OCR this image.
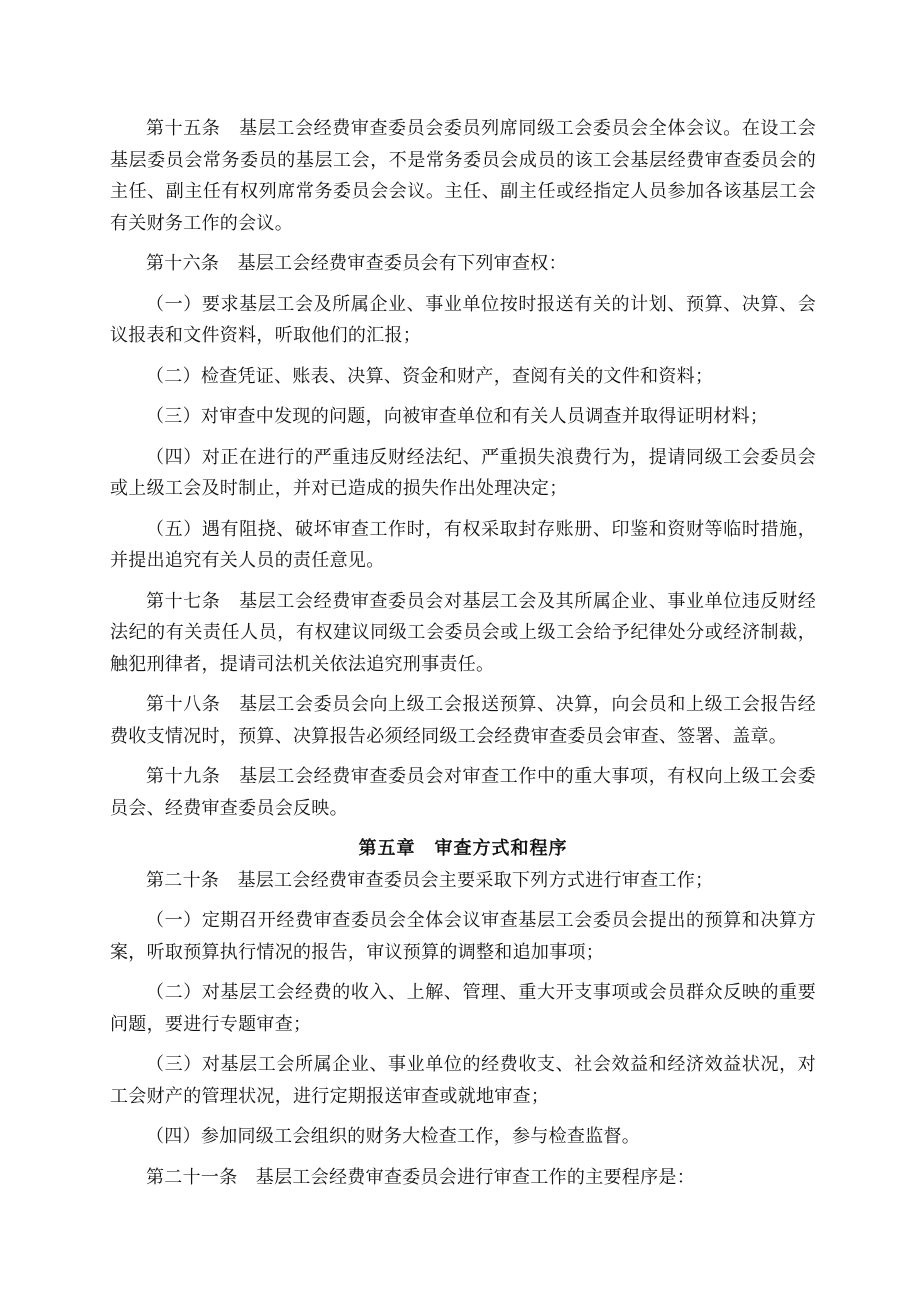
第十五条　基层工会经费审查委员会委员列席同级工会委员会全体会议。在设工会基层委员会常务委员的基层工会，不是常务委员会成员的该工会基层经费审查委员会的主任、副主任有权列席常务委员会会议。主任、副主任或经指定人员参加各该基层工会有关财务工作的会议。

第十六条　基层工会经费审查委员会有下列审查权：

（一）要求基层工会及所属企业、事业单位按时报送有关的计划、预算、决算、会议报表和文件资料，听取他们的汇报；

（二）检查凭证、账表、决算、资金和财产，查阅有关的文件和资料；

（三）对审查中发现的问题，向被审查单位和有关人员调查并取得证明材料；

（四）对正在进行的严重违反财经法纪、严重损失浪费行为，提请同级工会委员会或上级工会及时制止，并对已造成的损失作出处理决定；

（五）遇有阻挠、破坏审查工作时，有权采取封存账册、印鉴和资财等临时措施，并提出追究有关人员的责任意见。

第十七条　基层工会经费审查委员会对基层工会及其所属企业、事业单位违反财经法纪的有关责任人员，有权建议同级工会委员会或上级工会给予纪律处分或经济制裁，触犯刑律者，提请司法机关依法追究刑事责任。

第十八条　基层工会委员会向上级工会报送预算、决算，向会员和上级工会报告经费收支情况时，预算、决算报告必须经同级工会经费审查委员会审查、签署、盖章。

第十九条　基层工会经费审查委员会对审查工作中的重大事项，有权向上级工会委员会、经费审查委员会反映。

第五章　审查方式和程序

第二十条　基层工会经费审查委员会主要采取下列方式进行审查工作；

（一）定期召开经费审查委员会全体会议审查基层工会委员会提出的预算和决算方案，听取预算执行情况的报告，审议预算的调整和追加事项；

（二）对基层工会经费的收入、上解、管理、重大开支事项或会员群众反映的重要问题，要进行专题审查；

（三）对基层工会所属企业、事业单位的经费收支、社会效益和经济效益状况，对工会财产的管理状况，进行定期报送审查或就地审查；

（四）参加同级工会组织的财务大检查工作，参与检查监督。

第二十一条　基层工会经费审查委员会进行审查工作的主要程序是：
